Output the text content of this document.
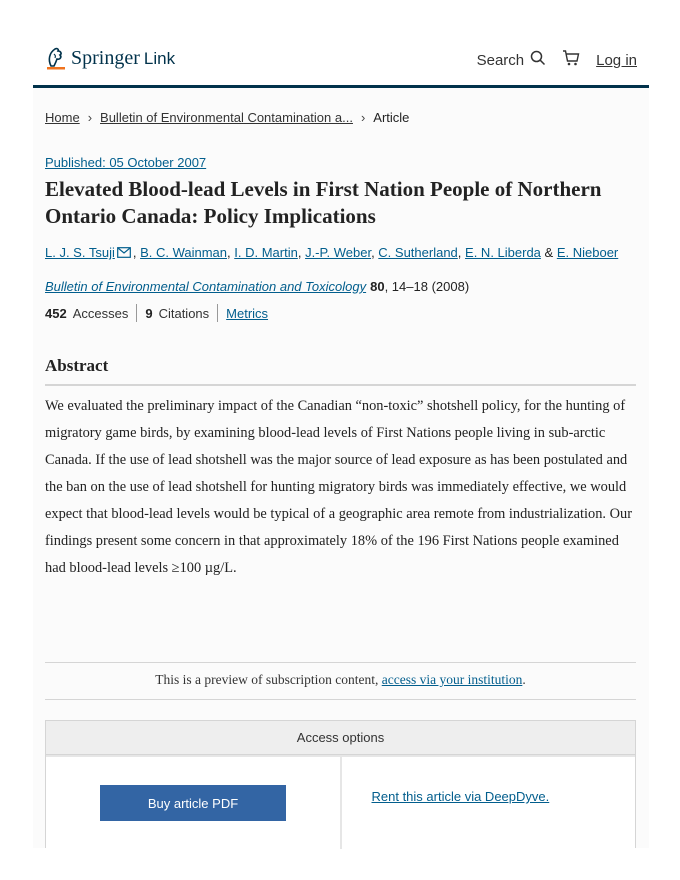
Springer Link	Search	Log in
Home › Bulletin of Environmental Contamination a... › Article
Published: 05 October 2007
Elevated Blood-lead Levels in First Nation People of Northern Ontario Canada: Policy Implications
L. J. S. Tsuji , B. C. Wainman, I. D. Martin, J.-P. Weber, C. Sutherland, E. N. Liberda & E. Nieboer
Bulletin of Environmental Contamination and Toxicology 80, 14–18 (2008)
452 Accesses 9 Citations Metrics
Abstract

We evaluated the preliminary impact of the Canadian “non-toxic” shotshell policy, for the hunting of migratory game birds, by examining blood-lead levels of First Nations people living in sub-arctic Canada. If the use of lead shotshell was the major source of lead exposure as has been postulated and the ban on the use of lead shotshell for hunting migratory birds was immediately effective, we would expect that blood-lead levels would be typical of a geographic area remote from industrialization. Our findings present some concern in that approximately 18% of the 196 First Nations people examined had blood-lead levels ≥100 µg/L.

This is a preview of subscription content, access via your institution.
Access options
Buy article PDF	Rent this article via DeepDyve.
